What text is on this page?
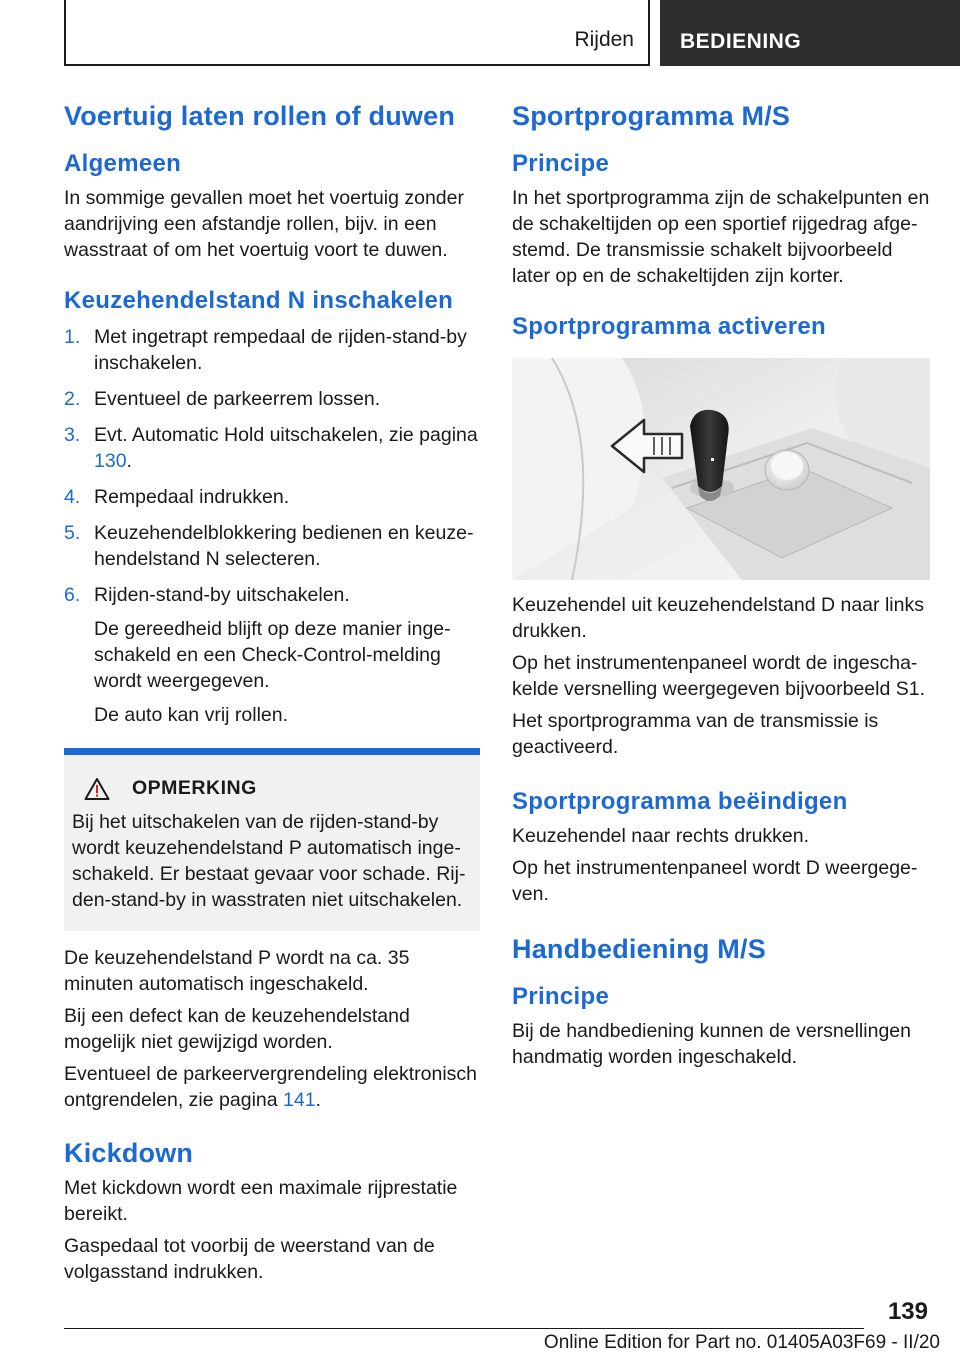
Rijden BEDIENING
Voertuig laten rollen of duwen
Algemeen

In sommige gevallen moet het voertuig zonder aandrijving een afstandje rollen, bijv. in een wasstraat of om het voertuig voort te duwen.

Keuzehendelstand N inschakelen
1. Met ingetrapt rempedaal de rijden-stand-by inschakelen.
2. Eventueel de parkeerrem lossen.
3. Evt. Automatic Hold uitschakelen, zie pagina 130.
4. Rempedaal indrukken.
5. Keuzehendelblokkering bedienen en keuzehendelstand N selecteren.
6. Rijden-stand-by uitschakelen.

De gereedheid blijft op deze manier ingeschakeld en een Check-Control-melding wordt weergegeven.

De auto kan vrij rollen.

OPMERKING

Bij het uitschakelen van de rijden-stand-by wordt keuzehendelstand P automatisch ingeschakeld. Er bestaat gevaar voor schade. Rijden-stand-by in wasstraten niet uitschakelen.

De keuzehendelstand P wordt na ca. 35 minuten automatisch ingeschakeld.

Bij een defect kan de keuzehendelstand mogelijk niet gewijzigd worden.

Eventueel de parkeervergrendeling elektronisch ontgrendelen, zie pagina 141.

Kickdown

Met kickdown wordt een maximale rijprestatie bereikt.

Gaspedaal tot voorbij de weerstand van de volgasstand indrukken.

Sportprogramma M/S
Principe

In het sportprogramma zijn de schakelpunten en de schakeltijden op een sportief rijgedrag afgestemd. De transmissie schakelt bijvoorbeeld later op en de schakeltijden zijn korter.

Sportprogramma activeren

Keuzehendel uit keuzehendelstand D naar links drukken.

Op het instrumentenpaneel wordt de ingeschakelde versnelling weergegeven bijvoorbeeld S1.

Het sportprogramma van de transmissie is geactiveerd.

Sportprogramma beëindigen

Keuzehendel naar rechts drukken.

Op het instrumentenpaneel wordt D weergegeven.

Handbediening M/S
Principe

Bij de handbediening kunnen de versnellingen handmatig worden ingeschakeld.

139
Online Edition for Part no. 01405A03F69 - II/20
